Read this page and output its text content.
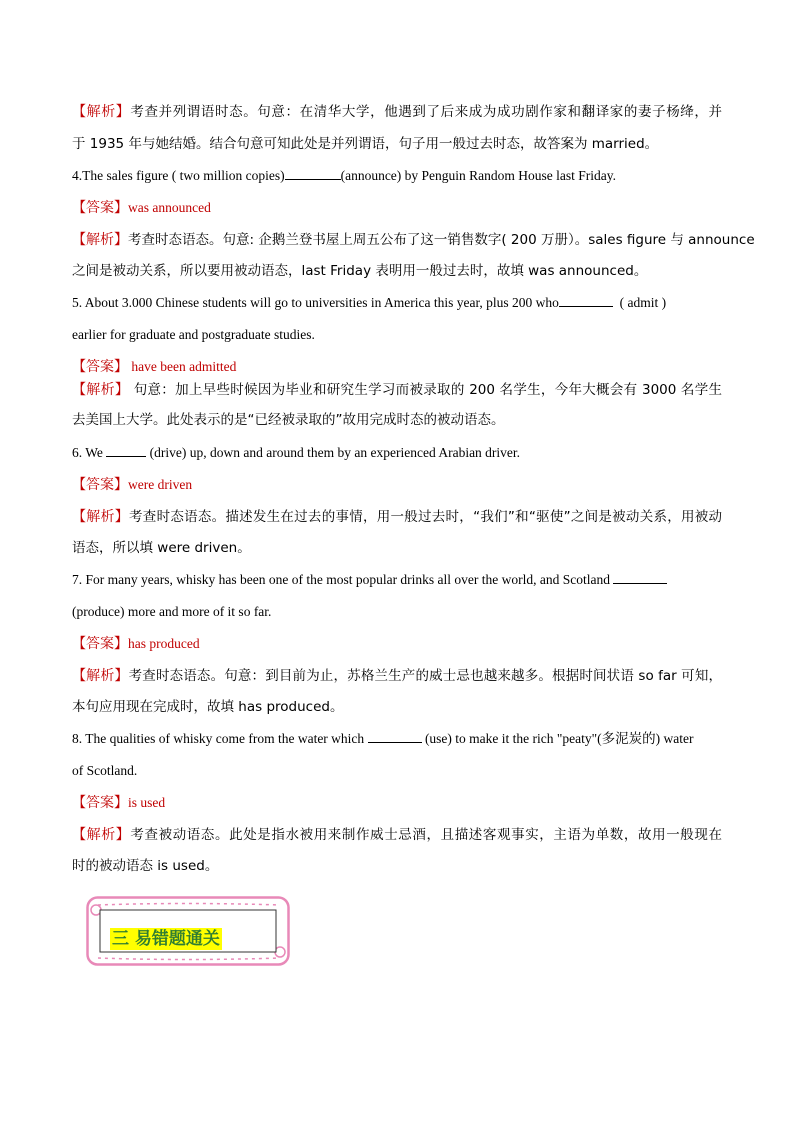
【解析】考查并列谓语时态。句意：在清华大学，他遇到了后来成为成功剧作家和翻译家的妻子杨绛，并
于 1935 年与她结婚。结合句意可知此处是并列谓语，句子用一般过去时态，故答案为 married。
4.The sales figure ( two million copies)	(announce) by Penguin Random House last Friday.
【答案】was announced
【解析】考查时态语态。句意: 企鹅兰登书屋上周五公布了这一销售数字( 200 万册）。sales figure 与 announce
之间是被动关系，所以要用被动语态，last Friday 表明用一般过去时，故填 was announced。
5. About 3.000 Chinese students will go to universities in America this year, plus 200 who	( admit )
earlier for graduate and postgraduate studies.
【答案】 have been admitted
【解析】 句意：加上早些时候因为毕业和研究生学习而被录取的 200 名学生，今年大概会有 3000 名学生
去美国上大学。此处表示的是“已经被录取的”故用完成时态的被动语态。
6. We	(drive) up, down and around them by an experienced Arabian driver.
【答案】were driven
【解析】考查时态语态。描述发生在过去的事情，用一般过去时，“我们”和“驱使”之间是被动关系，用被动
语态，所以填 were driven。
7. For many years, whisky has been one of the most popular drinks all over the world, and Scotland
(produce) more and more of it so far.
【答案】has produced
【解析】考查时态语态。句意：到目前为止，苏格兰生产的威士忌也越来越多。根据时间状语 so far 可知，
本句应用现在完成时，故填 has produced。
8. The qualities of whisky come from the water which	(use) to make it the rich "peaty"(多泥炭的) water
of Scotland.
【答案】is used
【解析】考查被动语态。此处是指水被用来制作威士忌酒，且描述客观事实，主语为单数，故用一般现在
时的被动语态 is used。
三 易错题通关
